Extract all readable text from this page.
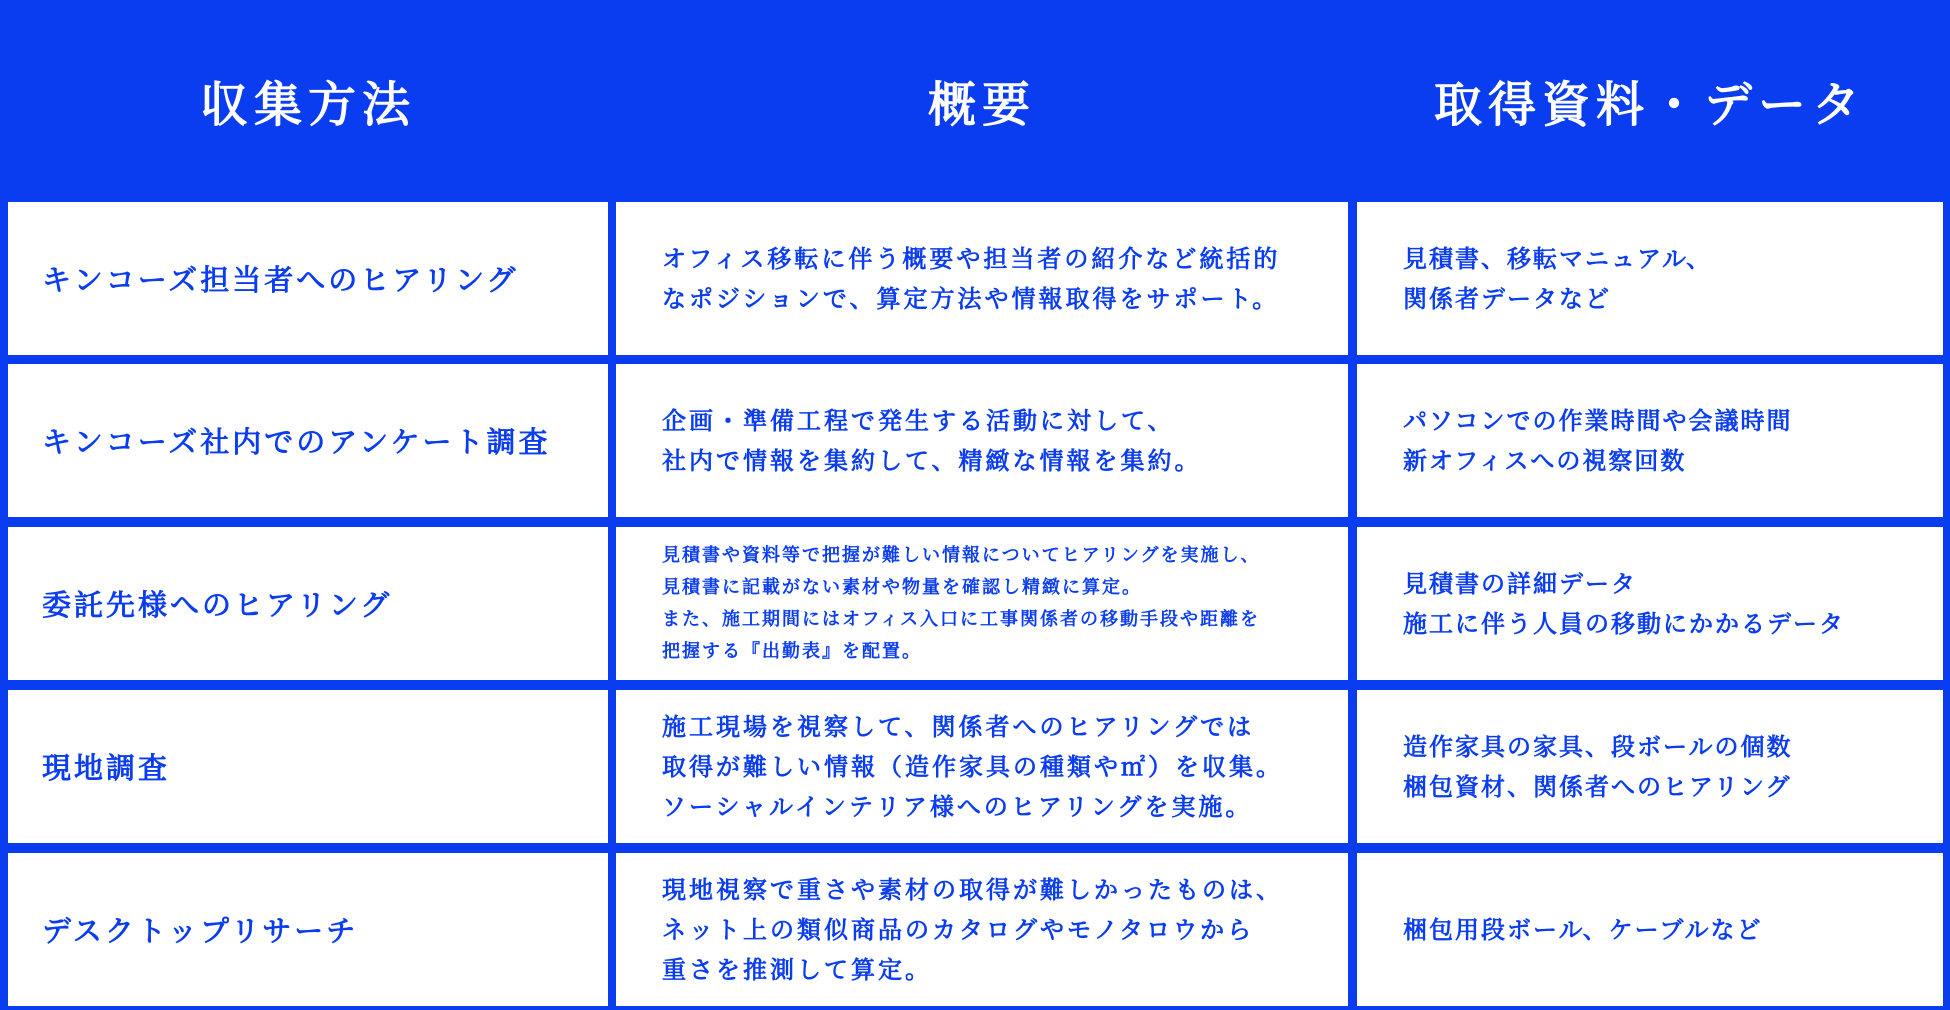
収集方法	概要	取得資料・データ
キンコーズ担当者へのヒアリング
オフィス移転に伴う概要や担当者の紹介など統括的
なポジションで、算定方法や情報取得をサポート。
見積書、移転マニュアル、
関係者データなど
キンコーズ社内でのアンケート調査
企画・準備工程で発生する活動に対して、
社内で情報を集約して、精緻な情報を集約。
パソコンでの作業時間や会議時間
新オフィスへの視察回数
委託先様へのヒアリング
見積書や資料等で把握が難しい情報についてヒアリングを実施し、
見積書に記載がない素材や物量を確認し精緻に算定。
また、施工期間にはオフィス入口に工事関係者の移動手段や距離を
把握する『出勤表』を配置。
見積書の詳細データ
施工に伴う人員の移動にかかるデータ
現地調査
施工現場を視察して、関係者へのヒアリングでは
取得が難しい情報（造作家具の種類や㎡）を収集。
ソーシャルインテリア様へのヒアリングを実施。
造作家具の家具、段ボールの個数
梱包資材、関係者へのヒアリング
デスクトップリサーチ
現地視察で重さや素材の取得が難しかったものは、
ネット上の類似商品のカタログやモノタロウから
重さを推測して算定。
梱包用段ボール、ケーブルなど
